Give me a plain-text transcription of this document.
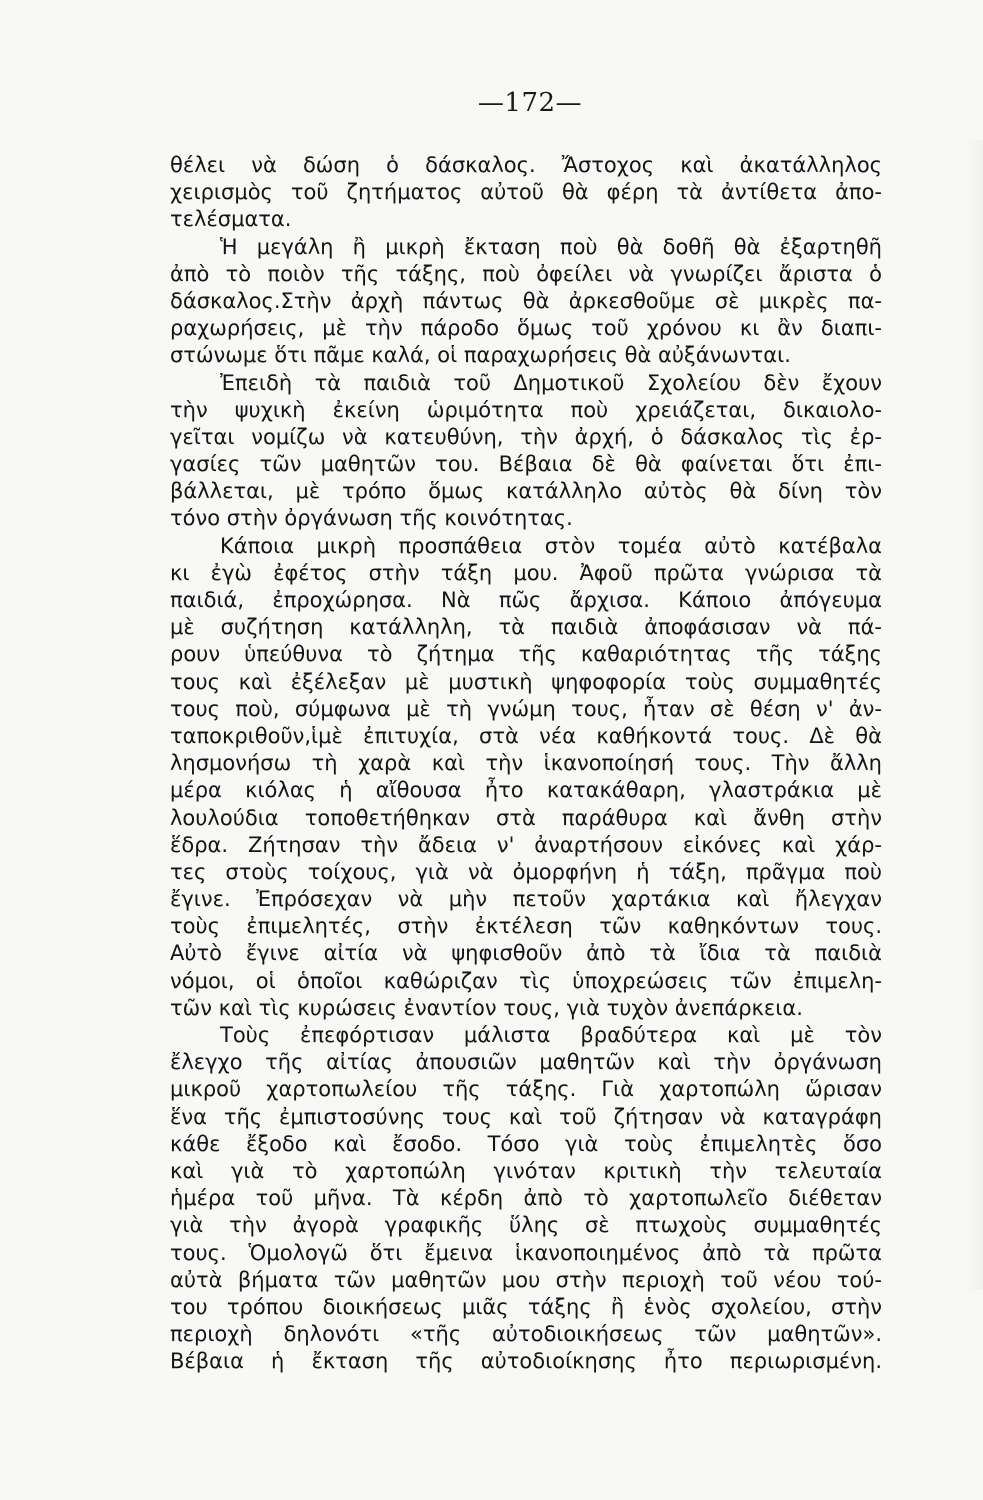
—172—
θέλει νὰ δώση ὁ δάσκαλος. Ἄστοχος καὶ ἀκατάλληλος
χειρισμὸς τοῦ ζητήματος αὐτοῦ θὰ φέρη τὰ ἀντίθετα ἀπο-
τελέσματα.
Ἡ μεγάλη ἢ μικρὴ ἔκταση ποὺ θὰ δοθῆ θὰ ἐξαρτηθῆ
ἀπὸ τὸ ποιὸν τῆς τάξης, ποὺ ὀφείλει νὰ γνωρίζει ἄριστα ὁ
δάσκαλος.Στὴν ἀρχὴ πάντως θὰ ἀρκεσθοῦμε σὲ μικρὲς πα-
ραχωρήσεις, μὲ τὴν πάροδο ὅμως τοῦ χρόνου κι ἂν διαπι-
στώνωμε ὅτι πᾶμε καλά, οἱ παραχωρήσεις θὰ αὐξάνωνται.
Ἐπειδὴ τὰ παιδιὰ τοῦ Δημοτικοῦ Σχολείου δὲν ἔχουν
τὴν ψυχικὴ ἐκείνη ὡριμότητα ποὺ χρειάζεται, δικαιολο-
γεῖται νομίζω νὰ κατευθύνη, τὴν ἀρχή, ὁ δάσκαλος τὶς ἐρ-
γασίες τῶν μαθητῶν του. Βέβαια δὲ θὰ φαίνεται ὅτι ἐπι-
βάλλεται, μὲ τρόπο ὅμως κατάλληλο αὐτὸς θὰ δίνη τὸν
τόνο στὴν ὀργάνωση τῆς κοινότητας.
Κάποια μικρὴ προσπάθεια στὸν τομέα αὐτὸ κατέβαλα
κι ἐγὼ ἐφέτος στὴν τάξη μου. Ἀφοῦ πρῶτα γνώρισα τὰ
παιδιά, ἐπροχώρησα. Νὰ πῶς ἄρχισα. Κάποιο ἀπόγευμα
μὲ συζήτηση κατάλληλη, τὰ παιδιὰ ἀποφάσισαν νὰ πά-
ρουν ὑπεύθυνα τὸ ζήτημα τῆς καθαριότητας τῆς τάξης
τους καὶ ἐξέλεξαν μὲ μυστικὴ ψηφοφορία τοὺς συμμαθητές
τους ποὺ, σύμφωνα μὲ τὴ γνώμη τους, ἦταν σὲ θέση ν' ἀν-
ταποκριθοῦν,ἱμὲ ἐπιτυχία, στὰ νέα καθήκοντά τους. Δὲ θὰ
λησμονήσω τὴ χαρὰ καὶ τὴν ἱκανοποίησή τους. Τὴν ἄλλη
μέρα κιόλας ἡ αἴθουσα ἦτο κατακάθαρη, γλαστράκια μὲ
λουλούδια τοποθετήθηκαν στὰ παράθυρα καὶ ἄνθη στὴν
ἕδρα. Ζήτησαν τὴν ἄδεια ν' ἀναρτήσουν εἰκόνες καὶ χάρ-
τες στοὺς τοίχους, γιὰ νὰ ὀμορφήνη ἡ τάξη, πρᾶγμα ποὺ
ἔγινε. Ἐπρόσεχαν νὰ μὴν πετοῦν χαρτάκια καὶ ἤλεγχαν
τοὺς ἐπιμελητές, στὴν ἐκτέλεση τῶν καθηκόντων τους.
Αὐτὸ ἔγινε αἰτία νὰ ψηφισθοῦν ἀπὸ τὰ ἴδια τὰ παιδιὰ
νόμοι, οἱ ὁποῖοι καθώριζαν τὶς ὑποχρεώσεις τῶν ἐπιμελη-
τῶν καὶ τὶς κυρώσεις ἐναντίον τους, γιὰ τυχὸν ἀνεπάρκεια.
Τοὺς ἐπεφόρτισαν μάλιστα βραδύτερα καὶ μὲ τὸν
ἔλεγχο τῆς αἰτίας ἀπουσιῶν μαθητῶν καὶ τὴν ὀργάνωση
μικροῦ χαρτοπωλείου τῆς τάξης. Γιὰ χαρτοπώλη ὥρισαν
ἕνα τῆς ἐμπιστοσύνης τους καὶ τοῦ ζήτησαν νὰ καταγράφη
κάθε ἔξοδο καὶ ἔσοδο. Τόσο γιὰ τοὺς ἐπιμελητὲς ὅσο
καὶ γιὰ τὸ χαρτοπώλη γινόταν κριτικὴ τὴν τελευταία
ἡμέρα τοῦ μῆνα. Τὰ κέρδη ἀπὸ τὸ χαρτοπωλεῖο διέθεταν
γιὰ τὴν ἀγορὰ γραφικῆς ὕλης σὲ πτωχοὺς συμμαθητές
τους. Ὁμολογῶ ὅτι ἔμεινα ἱκανοποιημένος ἀπὸ τὰ πρῶτα
αὐτὰ βήματα τῶν μαθητῶν μου στὴν περιοχὴ τοῦ νέου τού-
του τρόπου διοικήσεως μιᾶς τάξης ἢ ἑνὸς σχολείου, στὴν
περιοχὴ δηλονότι «τῆς αὐτοδιοικήσεως τῶν μαθητῶν».
Βέβαια ἡ ἔκταση τῆς αὐτοδιοίκησης ἦτο περιωρισμένη.
